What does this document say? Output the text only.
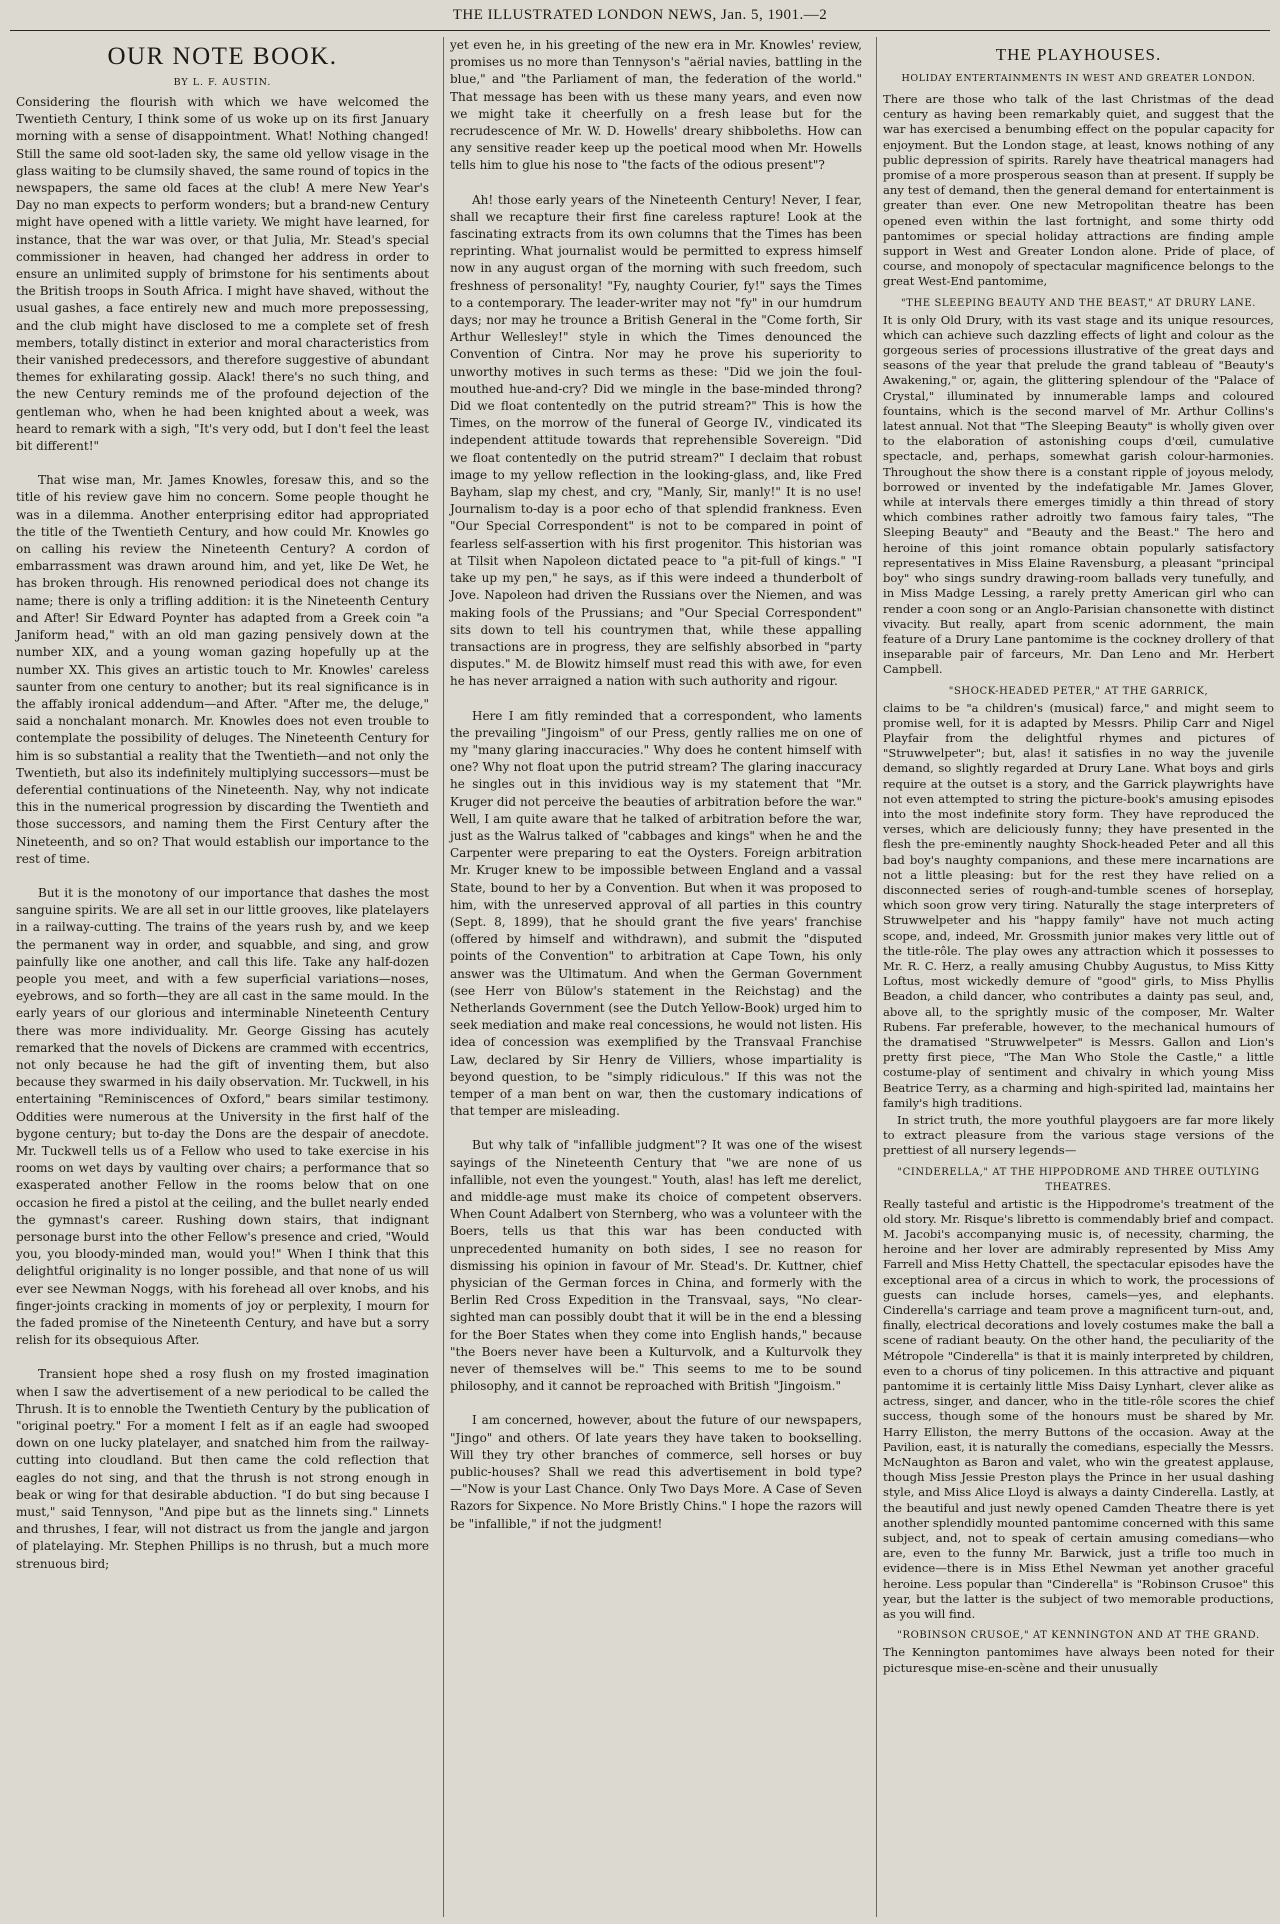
THE ILLUSTRATED LONDON NEWS, Jan. 5, 1901.—2
OUR NOTE BOOK.
BY L. F. AUSTIN.

Considering the flourish with which we have welcomed the Twentieth Century, I think some of us woke up on its first January morning with a sense of disappointment. What! Nothing changed! Still the same old soot-laden sky, the same old yellow visage in the glass waiting to be clumsily shaved, the same round of topics in the newspapers, the same old faces at the club! A mere New Year's Day no man expects to perform wonders; but a brand-new Century might have opened with a little variety. We might have learned, for instance, that the war was over, or that Julia, Mr. Stead's special commissioner in heaven, had changed her address in order to ensure an unlimited supply of brimstone for his sentiments about the British troops in South Africa. I might have shaved, without the usual gashes, a face entirely new and much more prepossessing, and the club might have disclosed to me a complete set of fresh members, totally distinct in exterior and moral characteristics from their vanished predecessors, and therefore suggestive of abundant themes for exhilarating gossip. Alack! there's no such thing, and the new Century reminds me of the profound dejection of the gentleman who, when he had been knighted about a week, was heard to remark with a sigh, "It's very odd, but I don't feel the least bit different!"

That wise man, Mr. James Knowles, foresaw this, and so the title of his review gave him no concern. Some people thought he was in a dilemma. Another enterprising editor had appropriated the title of the Twentieth Century, and how could Mr. Knowles go on calling his review the Nineteenth Century? A cordon of embarrassment was drawn around him, and yet, like De Wet, he has broken through. His renowned periodical does not change its name; there is only a trifling addition: it is the Nineteenth Century and After! Sir Edward Poynter has adapted from a Greek coin "a Janiform head," with an old man gazing pensively down at the number XIX, and a young woman gazing hopefully up at the number XX. This gives an artistic touch to Mr. Knowles' careless saunter from one century to another; but its real significance is in the affably ironical addendum—and After. "After me, the deluge," said a nonchalant monarch. Mr. Knowles does not even trouble to contemplate the possibility of deluges. The Nineteenth Century for him is so substantial a reality that the Twentieth—and not only the Twentieth, but also its indefinitely multiplying successors—must be deferential continuations of the Nineteenth. Nay, why not indicate this in the numerical progression by discarding the Twentieth and those successors, and naming them the First Century after the Nineteenth, and so on? That would establish our importance to the rest of time.

But it is the monotony of our importance that dashes the most sanguine spirits. We are all set in our little grooves, like platelayers in a railway-cutting. The trains of the years rush by, and we keep the permanent way in order, and squabble, and sing, and grow painfully like one another, and call this life. Take any half-dozen people you meet, and with a few superficial variations—noses, eyebrows, and so forth—they are all cast in the same mould. In the early years of our glorious and interminable Nineteenth Century there was more individuality. Mr. George Gissing has acutely remarked that the novels of Dickens are crammed with eccentrics, not only because he had the gift of inventing them, but also because they swarmed in his daily observation. Mr. Tuckwell, in his entertaining "Reminiscences of Oxford," bears similar testimony. Oddities were numerous at the University in the first half of the bygone century; but to-day the Dons are the despair of anecdote. Mr. Tuckwell tells us of a Fellow who used to take exercise in his rooms on wet days by vaulting over chairs; a performance that so exasperated another Fellow in the rooms below that on one occasion he fired a pistol at the ceiling, and the bullet nearly ended the gymnast's career. Rushing down stairs, that indignant personage burst into the other Fellow's presence and cried, "Would you, you bloody-minded man, would you!" When I think that this delightful originality is no longer possible, and that none of us will ever see Newman Noggs, with his forehead all over knobs, and his finger-joints cracking in moments of joy or perplexity, I mourn for the faded promise of the Nineteenth Century, and have but a sorry relish for its obsequious After.

Transient hope shed a rosy flush on my frosted imagination when I saw the advertisement of a new periodical to be called the Thrush. It is to ennoble the Twentieth Century by the publication of "original poetry." For a moment I felt as if an eagle had swooped down on one lucky platelayer, and snatched him from the railway-cutting into cloudland. But then came the cold reflection that eagles do not sing, and that the thrush is not strong enough in beak or wing for that desirable abduction. "I do but sing because I must," said Tennyson, "And pipe but as the linnets sing." Linnets and thrushes, I fear, will not distract us from the jangle and jargon of platelaying. Mr. Stephen Phillips is no thrush, but a much more strenuous bird;

yet even he, in his greeting of the new era in Mr. Knowles' review, promises us no more than Tennyson's "aërial navies, battling in the blue," and "the Parliament of man, the federation of the world." That message has been with us these many years, and even now we might take it cheerfully on a fresh lease but for the recrudescence of Mr. W. D. Howells' dreary shibboleths. How can any sensitive reader keep up the poetical mood when Mr. Howells tells him to glue his nose to "the facts of the odious present"?

Ah! those early years of the Nineteenth Century! Never, I fear, shall we recapture their first fine careless rapture! Look at the fascinating extracts from its own columns that the Times has been reprinting. What journalist would be permitted to express himself now in any august organ of the morning with such freedom, such freshness of personality! "Fy, naughty Courier, fy!" says the Times to a contemporary. The leader-writer may not "fy" in our humdrum days; nor may he trounce a British General in the "Come forth, Sir Arthur Wellesley!" style in which the Times denounced the Convention of Cintra. Nor may he prove his superiority to unworthy motives in such terms as these: "Did we join the foul-mouthed hue-and-cry? Did we mingle in the base-minded throng? Did we float contentedly on the putrid stream?" This is how the Times, on the morrow of the funeral of George IV., vindicated its independent attitude towards that reprehensible Sovereign. "Did we float contentedly on the putrid stream?" I declaim that robust image to my yellow reflection in the looking-glass, and, like Fred Bayham, slap my chest, and cry, "Manly, Sir, manly!" It is no use! Journalism to-day is a poor echo of that splendid frankness. Even "Our Special Correspondent" is not to be compared in point of fearless self-assertion with his first progenitor. This historian was at Tilsit when Napoleon dictated peace to "a pit-full of kings." "I take up my pen," he says, as if this were indeed a thunderbolt of Jove. Napoleon had driven the Russians over the Niemen, and was making fools of the Prussians; and "Our Special Correspondent" sits down to tell his countrymen that, while these appalling transactions are in progress, they are selfishly absorbed in "party disputes." M. de Blowitz himself must read this with awe, for even he has never arraigned a nation with such authority and rigour.

Here I am fitly reminded that a correspondent, who laments the prevailing "Jingoism" of our Press, gently rallies me on one of my "many glaring inaccuracies." Why does he content himself with one? Why not float upon the putrid stream? The glaring inaccuracy he singles out in this invidious way is my statement that "Mr. Kruger did not perceive the beauties of arbitration before the war." Well, I am quite aware that he talked of arbitration before the war, just as the Walrus talked of "cabbages and kings" when he and the Carpenter were preparing to eat the Oysters. Foreign arbitration Mr. Kruger knew to be impossible between England and a vassal State, bound to her by a Convention. But when it was proposed to him, with the unreserved approval of all parties in this country (Sept. 8, 1899), that he should grant the five years' franchise (offered by himself and withdrawn), and submit the "disputed points of the Convention" to arbitration at Cape Town, his only answer was the Ultimatum. And when the German Government (see Herr von Bülow's statement in the Reichstag) and the Netherlands Government (see the Dutch Yellow-Book) urged him to seek mediation and make real concessions, he would not listen. His idea of concession was exemplified by the Transvaal Franchise Law, declared by Sir Henry de Villiers, whose impartiality is beyond question, to be "simply ridiculous." If this was not the temper of a man bent on war, then the customary indications of that temper are misleading.

But why talk of "infallible judgment"? It was one of the wisest sayings of the Nineteenth Century that "we are none of us infallible, not even the youngest." Youth, alas! has left me derelict, and middle-age must make its choice of competent observers. When Count Adalbert von Sternberg, who was a volunteer with the Boers, tells us that this war has been conducted with unprecedented humanity on both sides, I see no reason for dismissing his opinion in favour of Mr. Stead's. Dr. Kuttner, chief physician of the German forces in China, and formerly with the Berlin Red Cross Expedition in the Transvaal, says, "No clear-sighted man can possibly doubt that it will be in the end a blessing for the Boer States when they come into English hands," because "the Boers never have been a Kulturvolk, and a Kulturvolk they never of themselves will be." This seems to me to be sound philosophy, and it cannot be reproached with British "Jingoism."

I am concerned, however, about the future of our newspapers, "Jingo" and others. Of late years they have taken to bookselling. Will they try other branches of commerce, sell horses or buy public-houses? Shall we read this advertisement in bold type?—"Now is your Last Chance. Only Two Days More. A Case of Seven Razors for Sixpence. No More Bristly Chins." I hope the razors will be "infallible," if not the judgment!

THE PLAYHOUSES.
HOLIDAY ENTERTAINMENTS IN WEST AND GREATER LONDON.

There are those who talk of the last Christmas of the dead century as having been remarkably quiet, and suggest that the war has exercised a benumbing effect on the popular capacity for enjoyment. But the London stage, at least, knows nothing of any public depression of spirits. Rarely have theatrical managers had promise of a more prosperous season than at present. If supply be any test of demand, then the general demand for entertainment is greater than ever. One new Metropolitan theatre has been opened even within the last fortnight, and some thirty odd pantomimes or special holiday attractions are finding ample support in West and Greater London alone. Pride of place, of course, and monopoly of spectacular magnificence belongs to the great West-End pantomime,

"THE SLEEPING BEAUTY AND THE BEAST," AT DRURY LANE.

It is only Old Drury, with its vast stage and its unique resources, which can achieve such dazzling effects of light and colour as the gorgeous series of processions illustrative of the great days and seasons of the year that prelude the grand tableau of "Beauty's Awakening," or, again, the glittering splendour of the "Palace of Crystal," illuminated by innumerable lamps and coloured fountains, which is the second marvel of Mr. Arthur Collins's latest annual. Not that "The Sleeping Beauty" is wholly given over to the elaboration of astonishing coups d'œil, cumulative spectacle, and, perhaps, somewhat garish colour-harmonies. Throughout the show there is a constant ripple of joyous melody, borrowed or invented by the indefatigable Mr. James Glover, while at intervals there emerges timidly a thin thread of story which combines rather adroitly two famous fairy tales, "The Sleeping Beauty" and "Beauty and the Beast." The hero and heroine of this joint romance obtain popularly satisfactory representatives in Miss Elaine Ravensburg, a pleasant "principal boy" who sings sundry drawing-room ballads very tunefully, and in Miss Madge Lessing, a rarely pretty American girl who can render a coon song or an Anglo-Parisian chansonette with distinct vivacity. But really, apart from scenic adornment, the main feature of a Drury Lane pantomime is the cockney drollery of that inseparable pair of farceurs, Mr. Dan Leno and Mr. Herbert Campbell.

"SHOCK-HEADED PETER," AT THE GARRICK,

claims to be "a children's (musical) farce," and might seem to promise well, for it is adapted by Messrs. Philip Carr and Nigel Playfair from the delightful rhymes and pictures of "Struwwelpeter"; but, alas! it satisfies in no way the juvenile demand, so slightly regarded at Drury Lane. What boys and girls require at the outset is a story, and the Garrick playwrights have not even attempted to string the picture-book's amusing episodes into the most indefinite story form. They have reproduced the verses, which are deliciously funny; they have presented in the flesh the pre-eminently naughty Shock-headed Peter and all this bad boy's naughty companions, and these mere incarnations are not a little pleasing: but for the rest they have relied on a disconnected series of rough-and-tumble scenes of horseplay, which soon grow very tiring. Naturally the stage interpreters of Struwwelpeter and his "happy family" have not much acting scope, and, indeed, Mr. Grossmith junior makes very little out of the title-rôle. The play owes any attraction which it possesses to Mr. R. C. Herz, a really amusing Chubby Augustus, to Miss Kitty Loftus, most wickedly demure of "good" girls, to Miss Phyllis Beadon, a child dancer, who contributes a dainty pas seul, and, above all, to the sprightly music of the composer, Mr. Walter Rubens. Far preferable, however, to the mechanical humours of the dramatised "Struwwelpeter" is Messrs. Gallon and Lion's pretty first piece, "The Man Who Stole the Castle," a little costume-play of sentiment and chivalry in which young Miss Beatrice Terry, as a charming and high-spirited lad, maintains her family's high traditions.

In strict truth, the more youthful playgoers are far more likely to extract pleasure from the various stage versions of the prettiest of all nursery legends—

"CINDERELLA," AT THE HIPPODROME AND THREE OUTLYING THEATRES.

Really tasteful and artistic is the Hippodrome's treatment of the old story. Mr. Risque's libretto is commendably brief and compact. M. Jacobi's accompanying music is, of necessity, charming, the heroine and her lover are admirably represented by Miss Amy Farrell and Miss Hetty Chattell, the spectacular episodes have the exceptional area of a circus in which to work, the processions of guests can include horses, camels—yes, and elephants. Cinderella's carriage and team prove a magnificent turn-out, and, finally, electrical decorations and lovely costumes make the ball a scene of radiant beauty. On the other hand, the peculiarity of the Métropole "Cinderella" is that it is mainly interpreted by children, even to a chorus of tiny policemen. In this attractive and piquant pantomime it is certainly little Miss Daisy Lynhart, clever alike as actress, singer, and dancer, who in the title-rôle scores the chief success, though some of the honours must be shared by Mr. Harry Elliston, the merry Buttons of the occasion. Away at the Pavilion, east, it is naturally the comedians, especially the Messrs. McNaughton as Baron and valet, who win the greatest applause, though Miss Jessie Preston plays the Prince in her usual dashing style, and Miss Alice Lloyd is always a dainty Cinderella. Lastly, at the beautiful and just newly opened Camden Theatre there is yet another splendidly mounted pantomime concerned with this same subject, and, not to speak of certain amusing comedians—who are, even to the funny Mr. Barwick, just a trifle too much in evidence—there is in Miss Ethel Newman yet another graceful heroine. Less popular than "Cinderella" is "Robinson Crusoe" this year, but the latter is the subject of two memorable productions, as you will find.

"ROBINSON CRUSOE," AT KENNINGTON AND AT THE GRAND.

The Kennington pantomimes have always been noted for their picturesque mise-en-scène and their unusually
